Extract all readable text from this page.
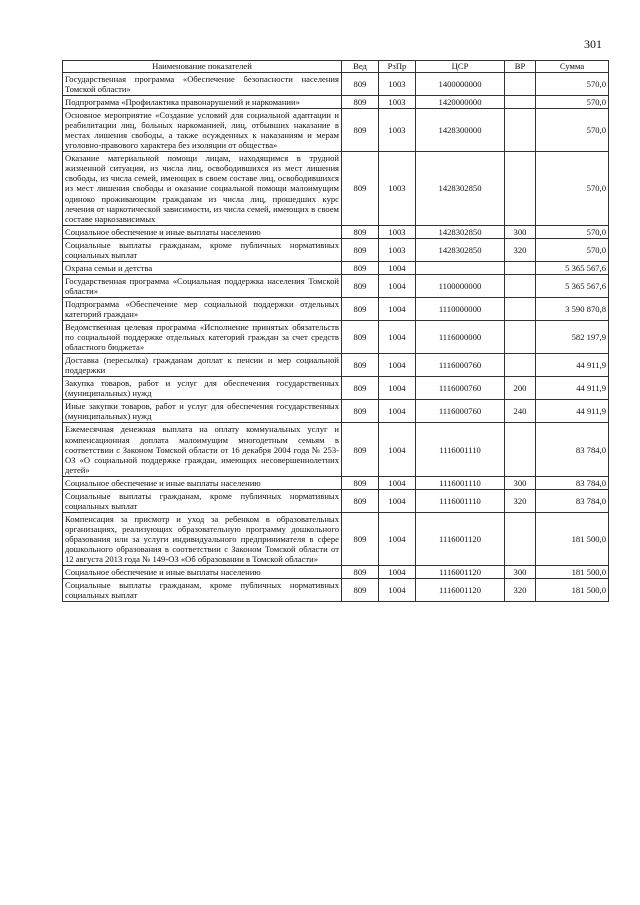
301
Наименование показателей	Вед	РзПр	ЦСР	ВР	Сумма
Государственная программа «Обеспечение безопасности населения Томской области»	809	1003	1400000000		570,0
Подпрограмма «Профилактика правонарушений и наркомании»	809	1003	1420000000		570,0
Основное мероприятие «Создание условий для социальной адаптации и реабилитации лиц, больных наркоманией, лиц, отбывших наказание в местах лишения свободы, а также осужденных к наказаниям и мерам уголовно-правового характера без изоляции от общества»	809	1003	1428300000		570,0
Оказание материальной помощи лицам, находящимся в трудной жизненной ситуации, из числа лиц, освободившихся из мест лишения свободы, из числа семей, имеющих в своем составе лиц, освободившихся из мест лишения свободы и оказание социальной помощи малоимущим одиноко проживающим гражданам из числа лиц, прошедших курс лечения от наркотической зависимости, из числа семей, имеющих в своем составе наркозависимых	809	1003	1428302850		570,0
Социальное обеспечение и иные выплаты населению	809	1003	1428302850	300	570,0
Социальные выплаты гражданам, кроме публичных нормативных социальных выплат	809	1003	1428302850	320	570,0
Охрана семьи и детства	809	1004			5 365 567,6
Государственная программа «Социальная поддержка населения Томской области»	809	1004	1100000000		5 365 567,6
Подпрограмма «Обеспечение мер социальной поддержки отдельных категорий граждан»	809	1004	1110000000		3 590 870,8
Ведомственная целевая программа «Исполнение принятых обязательств по социальной поддержке отдельных категорий граждан за счет средств областного бюджета»	809	1004	1116000000		582 197,9
Доставка (пересылка) гражданам доплат к пенсии и мер социальной поддержки	809	1004	1116000760		44 911,9
Закупка товаров, работ и услуг для обеспечения государственных (муниципальных) нужд	809	1004	1116000760	200	44 911,9
Иные закупки товаров, работ и услуг для обеспечения государственных (муниципальных) нужд	809	1004	1116000760	240	44 911,9
Ежемесячная денежная выплата на оплату коммунальных услуг и компенсационная доплата малоимущим многодетным семьям в соответствии с Законом Томской области от 16 декабря 2004 года № 253-ОЗ «О социальной поддержке граждан, имеющих несовершеннолетних детей»	809	1004	1116001110		83 784,0
Социальное обеспечение и иные выплаты населению	809	1004	1116001110	300	83 784,0
Социальные выплаты гражданам, кроме публичных нормативных социальных выплат	809	1004	1116001110	320	83 784,0
Компенсация за присмотр и уход за ребенком в образовательных организациях, реализующих образовательную программу дошкольного образования или за услуги индивидуального предпринимателя в сфере дошкольного образования в соответствии с Законом Томской области от 12 августа 2013 года № 149-ОЗ «Об образовании в Томской области»	809	1004	1116001120		181 500,0
Социальное обеспечение и иные выплаты населению	809	1004	1116001120	300	181 500,0
Социальные выплаты гражданам, кроме публичных нормативных социальных выплат	809	1004	1116001120	320	181 500,0
